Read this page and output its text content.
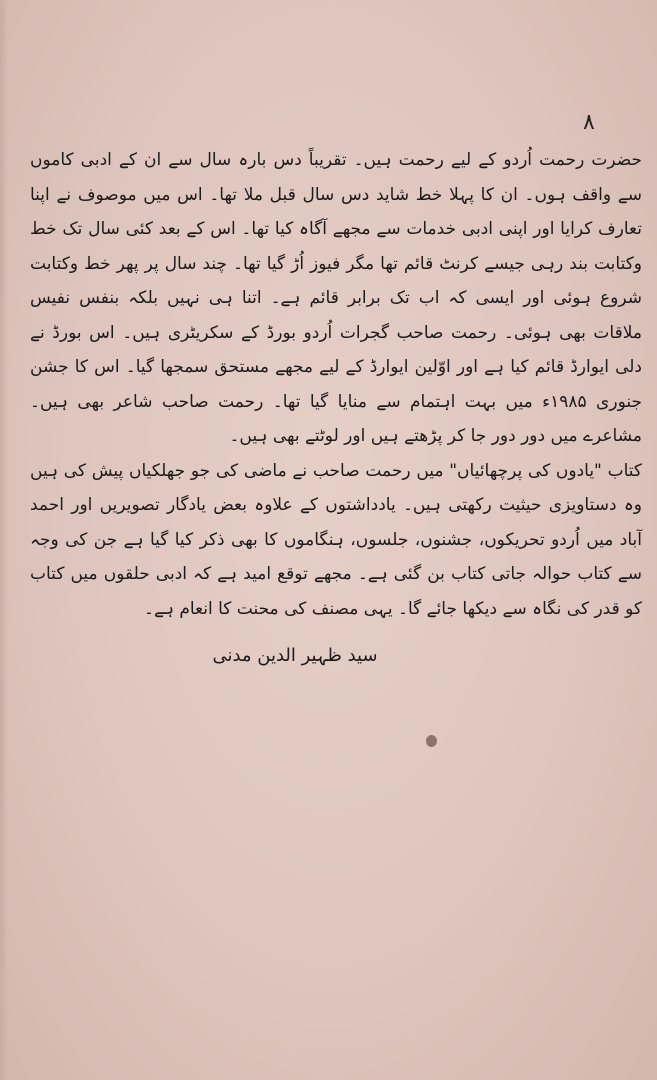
۸

حضرت رحمت اُردو کے لیے رحمت ہیں۔ تقریباً دس بارہ سال سے ان کے ادبی کاموں سے واقف ہوں۔ ان کا پہلا خط شاید دس سال قبل ملا تھا۔ اس میں موصوف نے اپنا تعارف کرایا اور اپنی ادبی خدمات سے مجھے آگاہ کیا تھا۔ اس کے بعد کئی سال تک خط وکتابت بند رہی جیسے کرنٹ قائم تھا مگر فیوز اُڑ گیا تھا۔ چند سال پر پھر خط وکتابت شروع ہوئی اور ایسی کہ اب تک برابر قائم ہے۔ اتنا ہی نہیں بلکہ بنفس نفیس ملاقات بھی ہوئی۔ رحمت صاحب گجرات اُردو بورڈ کے سکریٹری ہیں۔ اس بورڈ نے دلی ایوارڈ قائم کیا ہے اور اوّلین ایوارڈ کے لیے مجھے مستحق سمجھا گیا۔ اس کا جشن جنوری ۱۹۸۵ء میں بہت اہتمام سے منایا گیا تھا۔ رحمت صاحب شاعر بھی ہیں۔ مشاعرے میں دور دور جا کر پڑھتے ہیں اور لوٹتے بھی ہیں۔

کتاب "یادوں کی پرچھائیاں" میں رحمت صاحب نے ماضی کی جو جھلکیاں پیش کی ہیں وہ دستاویزی حیثیت رکھتی ہیں۔ یادداشتوں کے علاوہ بعض یادگار تصویریں اور احمد آباد میں اُردو تحریکوں، جشنوں، جلسوں، ہنگاموں کا بھی ذکر کیا گیا ہے جن کی وجہ سے کتاب حوالہ جاتی کتاب بن گئی ہے۔ مجھے توقع امید ہے کہ ادبی حلقوں میں کتاب کو قدر کی نگاہ سے دیکھا جائے گا۔ یہی مصنف کی محنت کا انعام ہے۔

سید ظہیر الدین مدنی
